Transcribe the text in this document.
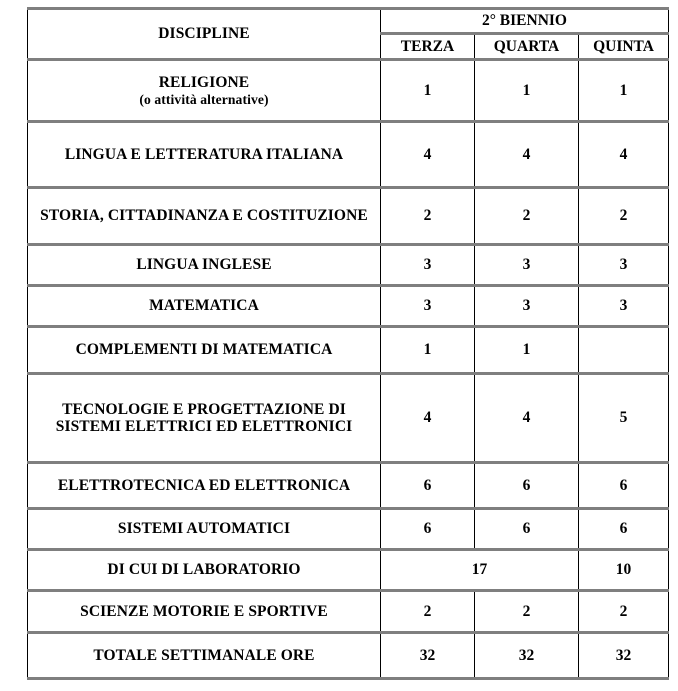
DISCIPLINE	2° BIENNIO		
	TERZA	QUARTA	QUINTA
RELIGIONE
(o attività alternative)	1	1	1
LINGUA E LETTERATURA ITALIANA	4	4	4
STORIA, CITTADINANZA E COSTITUZIONE	2	2	2
LINGUA INGLESE	3	3	3
MATEMATICA	3	3	3
COMPLEMENTI DI MATEMATICA	1	1	
TECNOLOGIE E PROGETTAZIONE DI SISTEMI ELETTRICI ED ELETTRONICI	4	4	5
ELETTROTECNICA ED ELETTRONICA	6	6	6
SISTEMI AUTOMATICI	6	6	6
DI CUI DI LABORATORIO	17		10
SCIENZE MOTORIE E SPORTIVE	2	2	2
TOTALE SETTIMANALE ORE	32	32	32
